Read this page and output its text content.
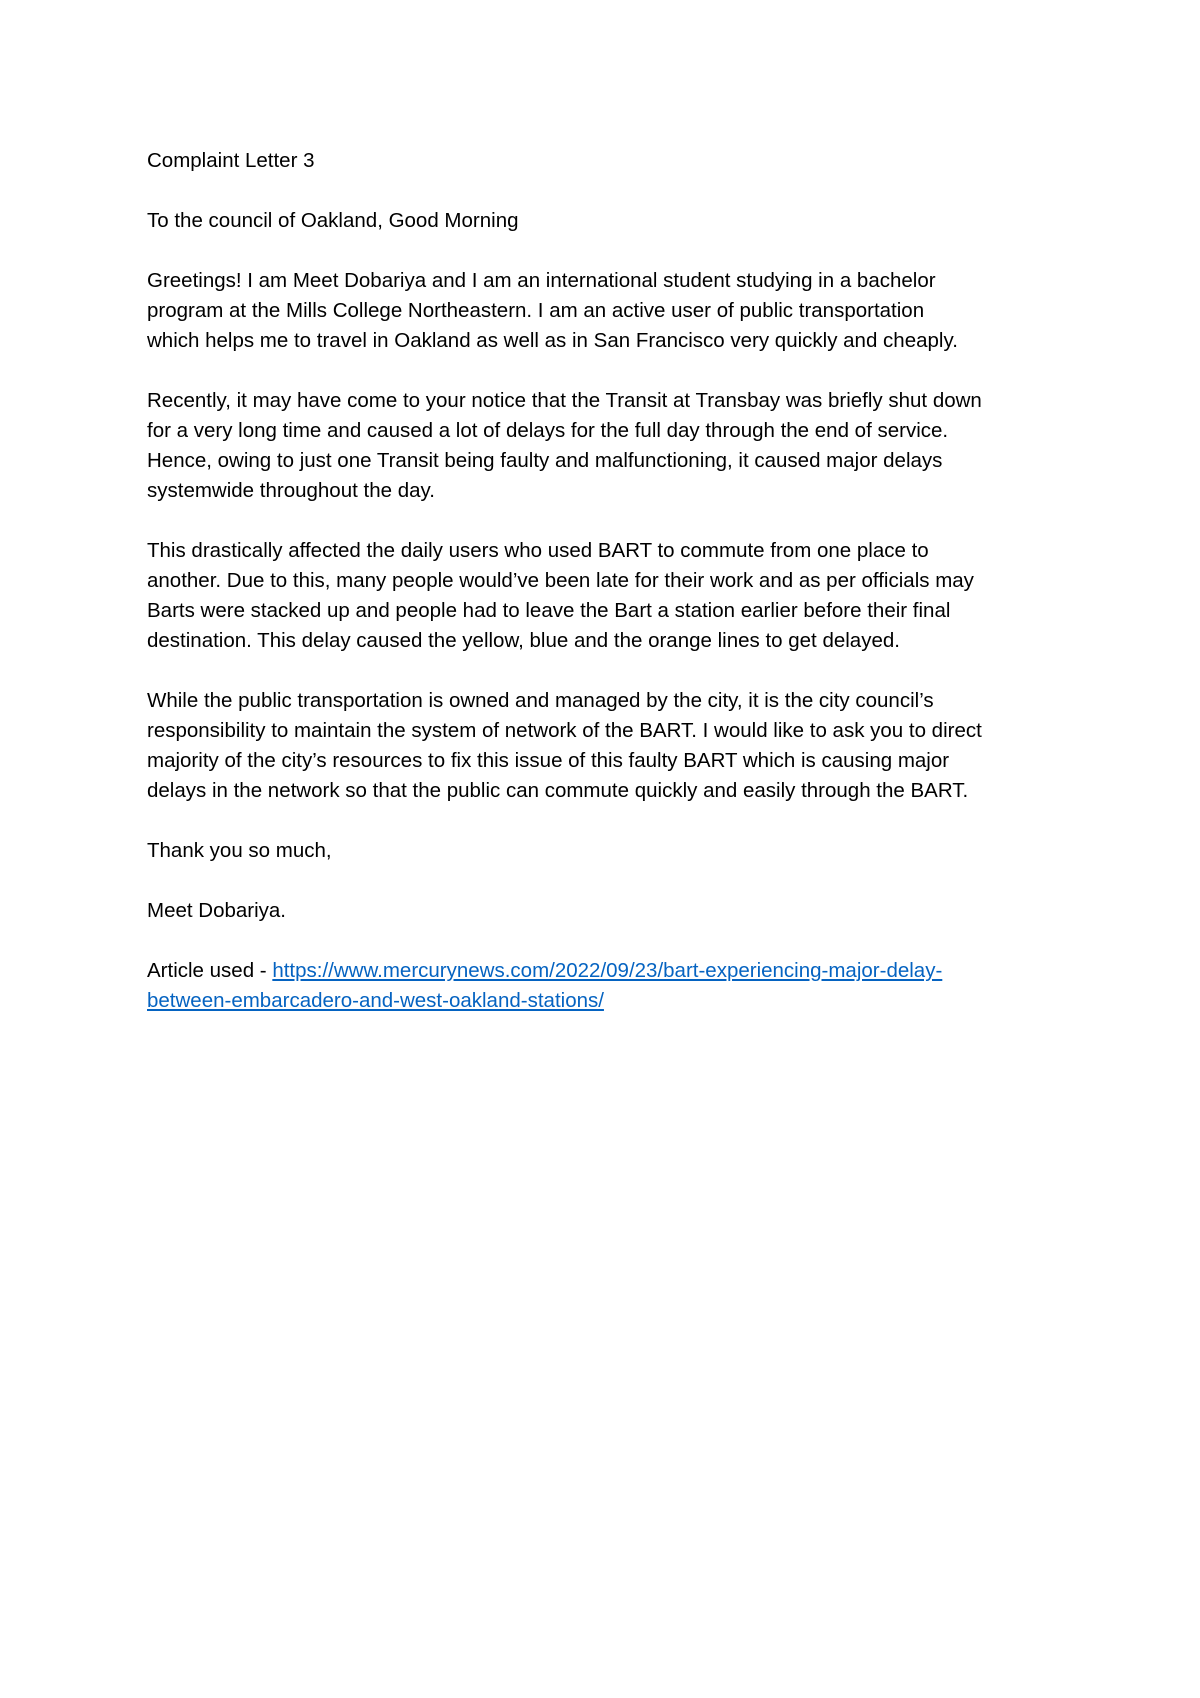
Complaint Letter 3

To the council of Oakland, Good Morning

Greetings! I am Meet Dobariya and I am an international student studying in a bachelor
program at the Mills College Northeastern. I am an active user of public transportation
which helps me to travel in Oakland as well as in San Francisco very quickly and cheaply.

Recently, it may have come to your notice that the Transit at Transbay was briefly shut down
for a very long time and caused a lot of delays for the full day through the end of service.
Hence, owing to just one Transit being faulty and malfunctioning, it caused major delays
systemwide throughout the day.

This drastically affected the daily users who used BART to commute from one place to
another. Due to this, many people would’ve been late for their work and as per officials may
Barts were stacked up and people had to leave the Bart a station earlier before their final
destination. This delay caused the yellow, blue and the orange lines to get delayed.

While the public transportation is owned and managed by the city, it is the city council’s
responsibility to maintain the system of network of the BART. I would like to ask you to direct
majority of the city’s resources to fix this issue of this faulty BART which is causing major
delays in the network so that the public can commute quickly and easily through the BART.

Thank you so much,

Meet Dobariya.

Article used - https://www.mercurynews.com/2022/09/23/bart-experiencing-major-delay-
between-embarcadero-and-west-oakland-stations/
